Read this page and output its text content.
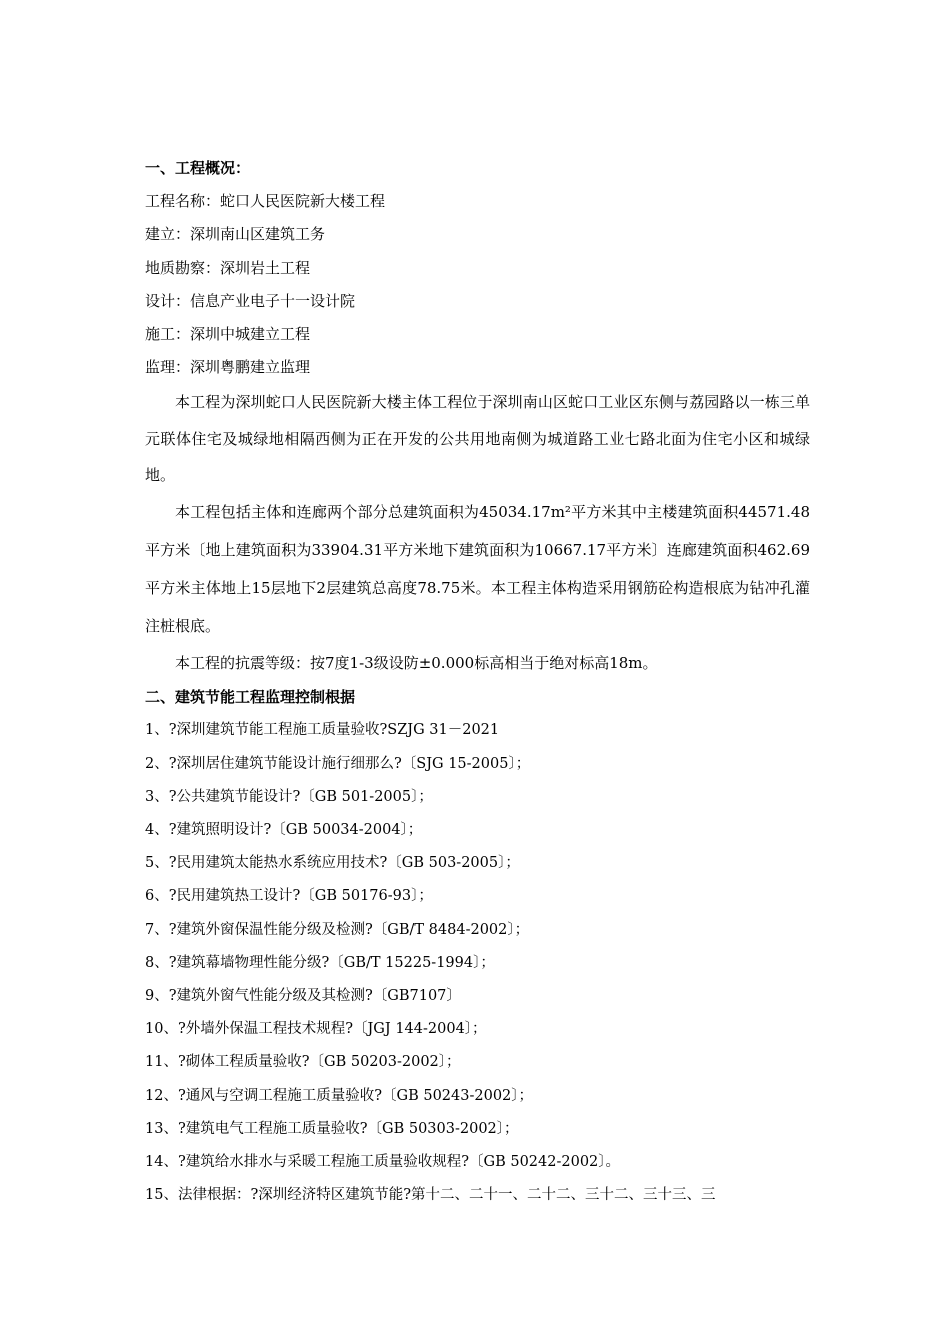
一、工程概况：
工程名称：蛇口人民医院新大楼工程
建立：深圳南山区建筑工务
地质勘察：深圳岩土工程
设计：信息产业电子十一设计院
施工：深圳中城建立工程
监理：深圳粤鹏建立监理

本工程为深圳蛇口人民医院新大楼主体工程位于深圳南山区蛇口工业区东侧与荔园路以一栋三单元联体住宅及城绿地相隔西侧为正在开发的公共用地南侧为城道路工业七路北面为住宅小区和城绿地。

本工程包括主体和连廊两个部分总建筑面积为45034.17m²平方米其中主楼建筑面积44571.48平方米〔地上建筑面积为33904.31平方米地下建筑面积为10667.17平方米〕连廊建筑面积462.69平方米主体地上15层地下2层建筑总高度78.75米。本工程主体构造采用钢筋砼构造根底为钻冲孔灌注桩根底。

本工程的抗震等级：按7度1-3级设防±0.000标高相当于绝对标高18m。

二、建筑节能工程监理控制根据
1、?深圳建筑节能工程施工质量验收?SZJG 31－2021
2、?深圳居住建筑节能设计施行细那么?〔SJG 15-2005〕；
3、?公共建筑节能设计?〔GB 501-2005〕；
4、?建筑照明设计?〔GB 50034-2004〕；
5、?民用建筑太能热水系统应用技术?〔GB 503-2005〕；
6、?民用建筑热工设计?〔GB 50176-93〕；
7、?建筑外窗保温性能分级及检测?〔GB/T 8484-2002〕；
8、?建筑幕墙物理性能分级?〔GB/T 15225-1994〕；
9、?建筑外窗气性能分级及其检测?〔GB7107〕
10、?外墙外保温工程技术规程?〔JGJ 144-2004〕；
11、?砌体工程质量验收?〔GB 50203-2002〕；
12、?通风与空调工程施工质量验收?〔GB 50243-2002〕；
13、?建筑电气工程施工质量验收?〔GB 50303-2002〕；
14、?建筑给水排水与采暖工程施工质量验收规程?〔GB 50242-2002〕。
15、法律根据：?深圳经济特区建筑节能?第十二、二十一、二十二、三十二、三十三、三
